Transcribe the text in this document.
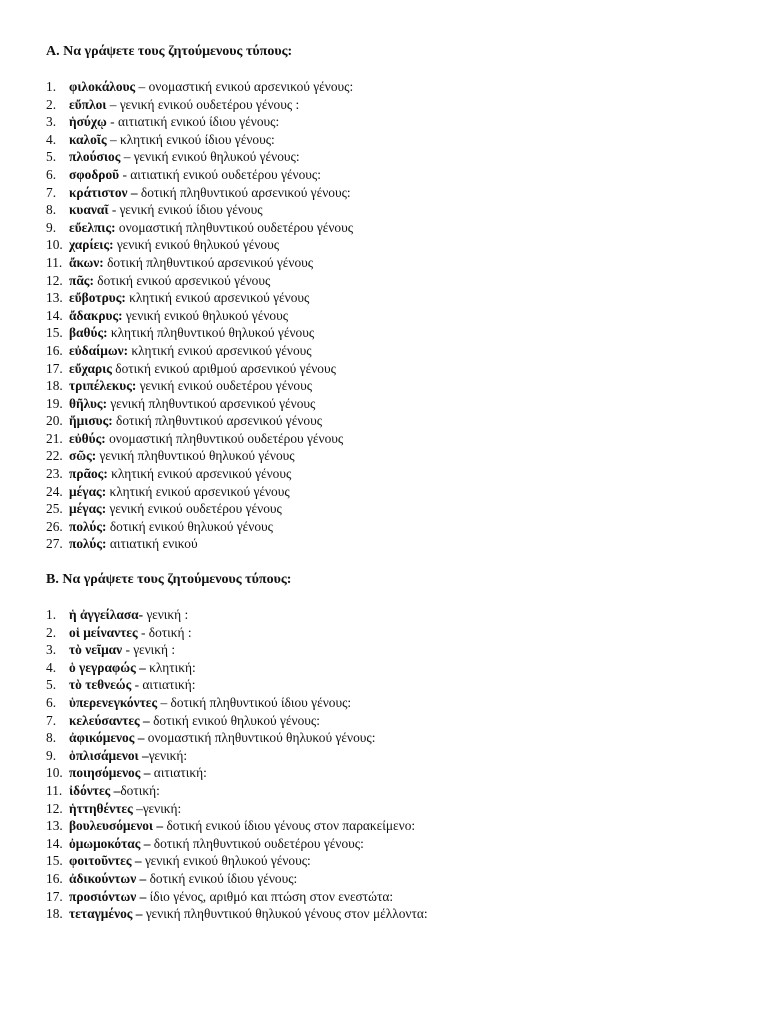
Α. Να γράψετε τους ζητούμενους τύπους:
1. φιλοκάλους – ονομαστική ενικού αρσενικού γένους:
2. εὔπλοι – γενική ενικού ουδετέρου γένους :
3. ἡσύχῳ - αιτιατική ενικού ίδιου γένους:
4. καλοῖς – κλητική ενικού ίδιου γένους:
5. πλούσιος – γενική ενικού θηλυκού γένους:
6. σφοδροῦ - αιτιατική ενικού ουδετέρου γένους:
7. κράτιστον – δοτική πληθυντικού αρσενικού γένους:
8. κυαναῖ - γενική ενικού ίδιου γένους
9. εὔελπις: ονομαστική πληθυντικού ουδετέρου γένους
10. χαρίεις: γενική ενικού θηλυκού γένους
11. ἄκων: δοτική πληθυντικού αρσενικού γένους
12. πᾶς: δοτική ενικού αρσενικού γένους
13. εὔβοτρυς: κλητική ενικού αρσενικού γένους
14. ἄδακρυς: γενική ενικού θηλυκού γένους
15. βαθύς: κλητική πληθυντικού θηλυκού γένους
16. εὐδαίμων: κλητική ενικού αρσενικού γένους
17. εὔχαρις δοτική ενικού αριθμού αρσενικού γένους
18. τριπέλεκυς: γενική ενικού ουδετέρου γένους
19. θῆλυς: γενική πληθυντικού αρσενικού γένους
20. ἥμισυς: δοτική πληθυντικού αρσενικού γένους
21. εὐθύς: ονομαστική πληθυντικού ουδετέρου γένους
22. σῶς: γενική πληθυντικού θηλυκού γένους
23. πρᾶος: κλητική ενικού αρσενικού γένους
24. μέγας: κλητική ενικού αρσενικού γένους
25. μέγας: γενική ενικού ουδετέρου γένους
26. πολύς: δοτική ενικού θηλυκού γένους
27. πολύς: αιτιατική ενικού
Β. Να γράψετε τους ζητούμενους τύπους:
1. ἡ ἀγγείλασα- γενική :
2. οἱ μείναντες - δοτική :
3. τὸ νεῖμαν - γενική :
4. ὁ γεγραφώς – κλητική:
5. τὸ τεθνεώς - αιτιατική:
6. ὑπερενεγκόντες – δοτική πληθυντικού ίδιου γένους:
7. κελεύσαντες – δοτική ενικού θηλυκού γένους:
8. ἀφικόμενος – ονομαστική πληθυντικού θηλυκού γένους:
9. ὁπλισάμενοι –γενική:
10. ποιησόμενος – αιτιατική:
11. ἰδόντες –δοτική:
12. ἡττηθέντες –γενική:
13. βουλευσόμενοι – δοτική ενικού ίδιου γένους στον παρακείμενο:
14. ὀμωμοκότας – δοτική πληθυντικού ουδετέρου γένους:
15. φοιτοῦντες – γενική ενικού θηλυκού γένους:
16. ἀδικούντων – δοτική ενικού ίδιου γένους:
17. προσιόντων – ίδιο γένος, αριθμό και πτώση στον ενεστώτα:
18. τεταγμένος – γενική πληθυντικού θηλυκού γένους στον μέλλοντα:
